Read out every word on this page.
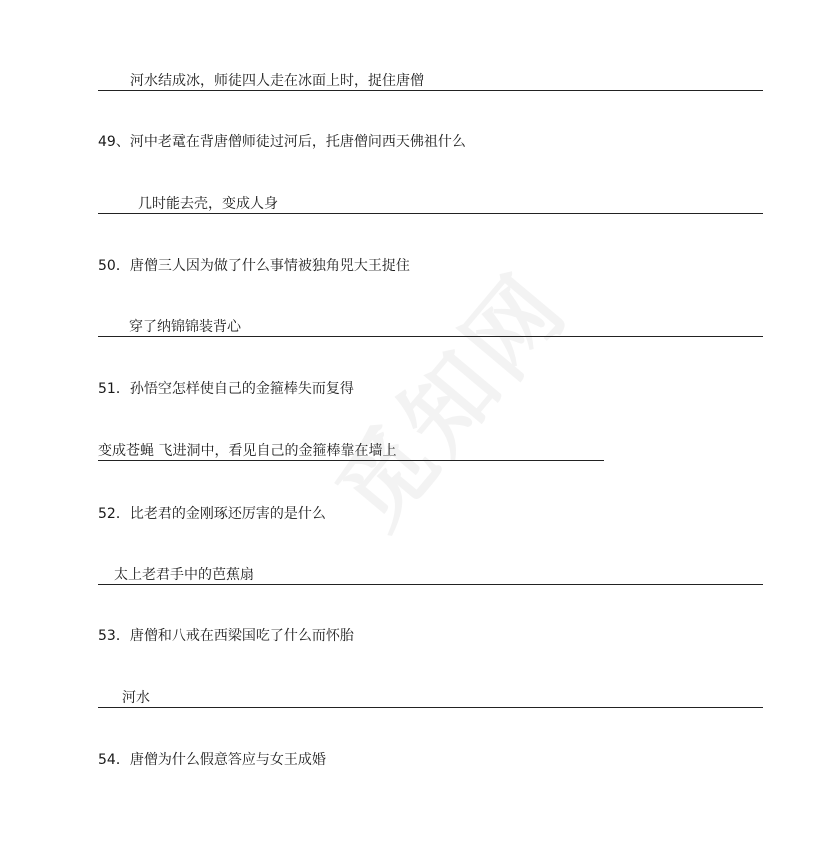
觅知网
河水结成冰，师徒四人走在冰面上时，捉住唐僧
49、河中老鼋在背唐僧师徒过河后，托唐僧问西天佛祖什么
几时能去壳，变成人身
50．唐僧三人因为做了什么事情被独角兕大王捉住
穿了纳锦锦装背心
51．孙悟空怎样使自己的金箍棒失而复得
变成苍蝇 飞进洞中，看见自己的金箍棒靠在墙上
52．比老君的金刚琢还厉害的是什么
太上老君手中的芭蕉扇
53．唐僧和八戒在西梁国吃了什么而怀胎
河水
54．唐僧为什么假意答应与女王成婚
